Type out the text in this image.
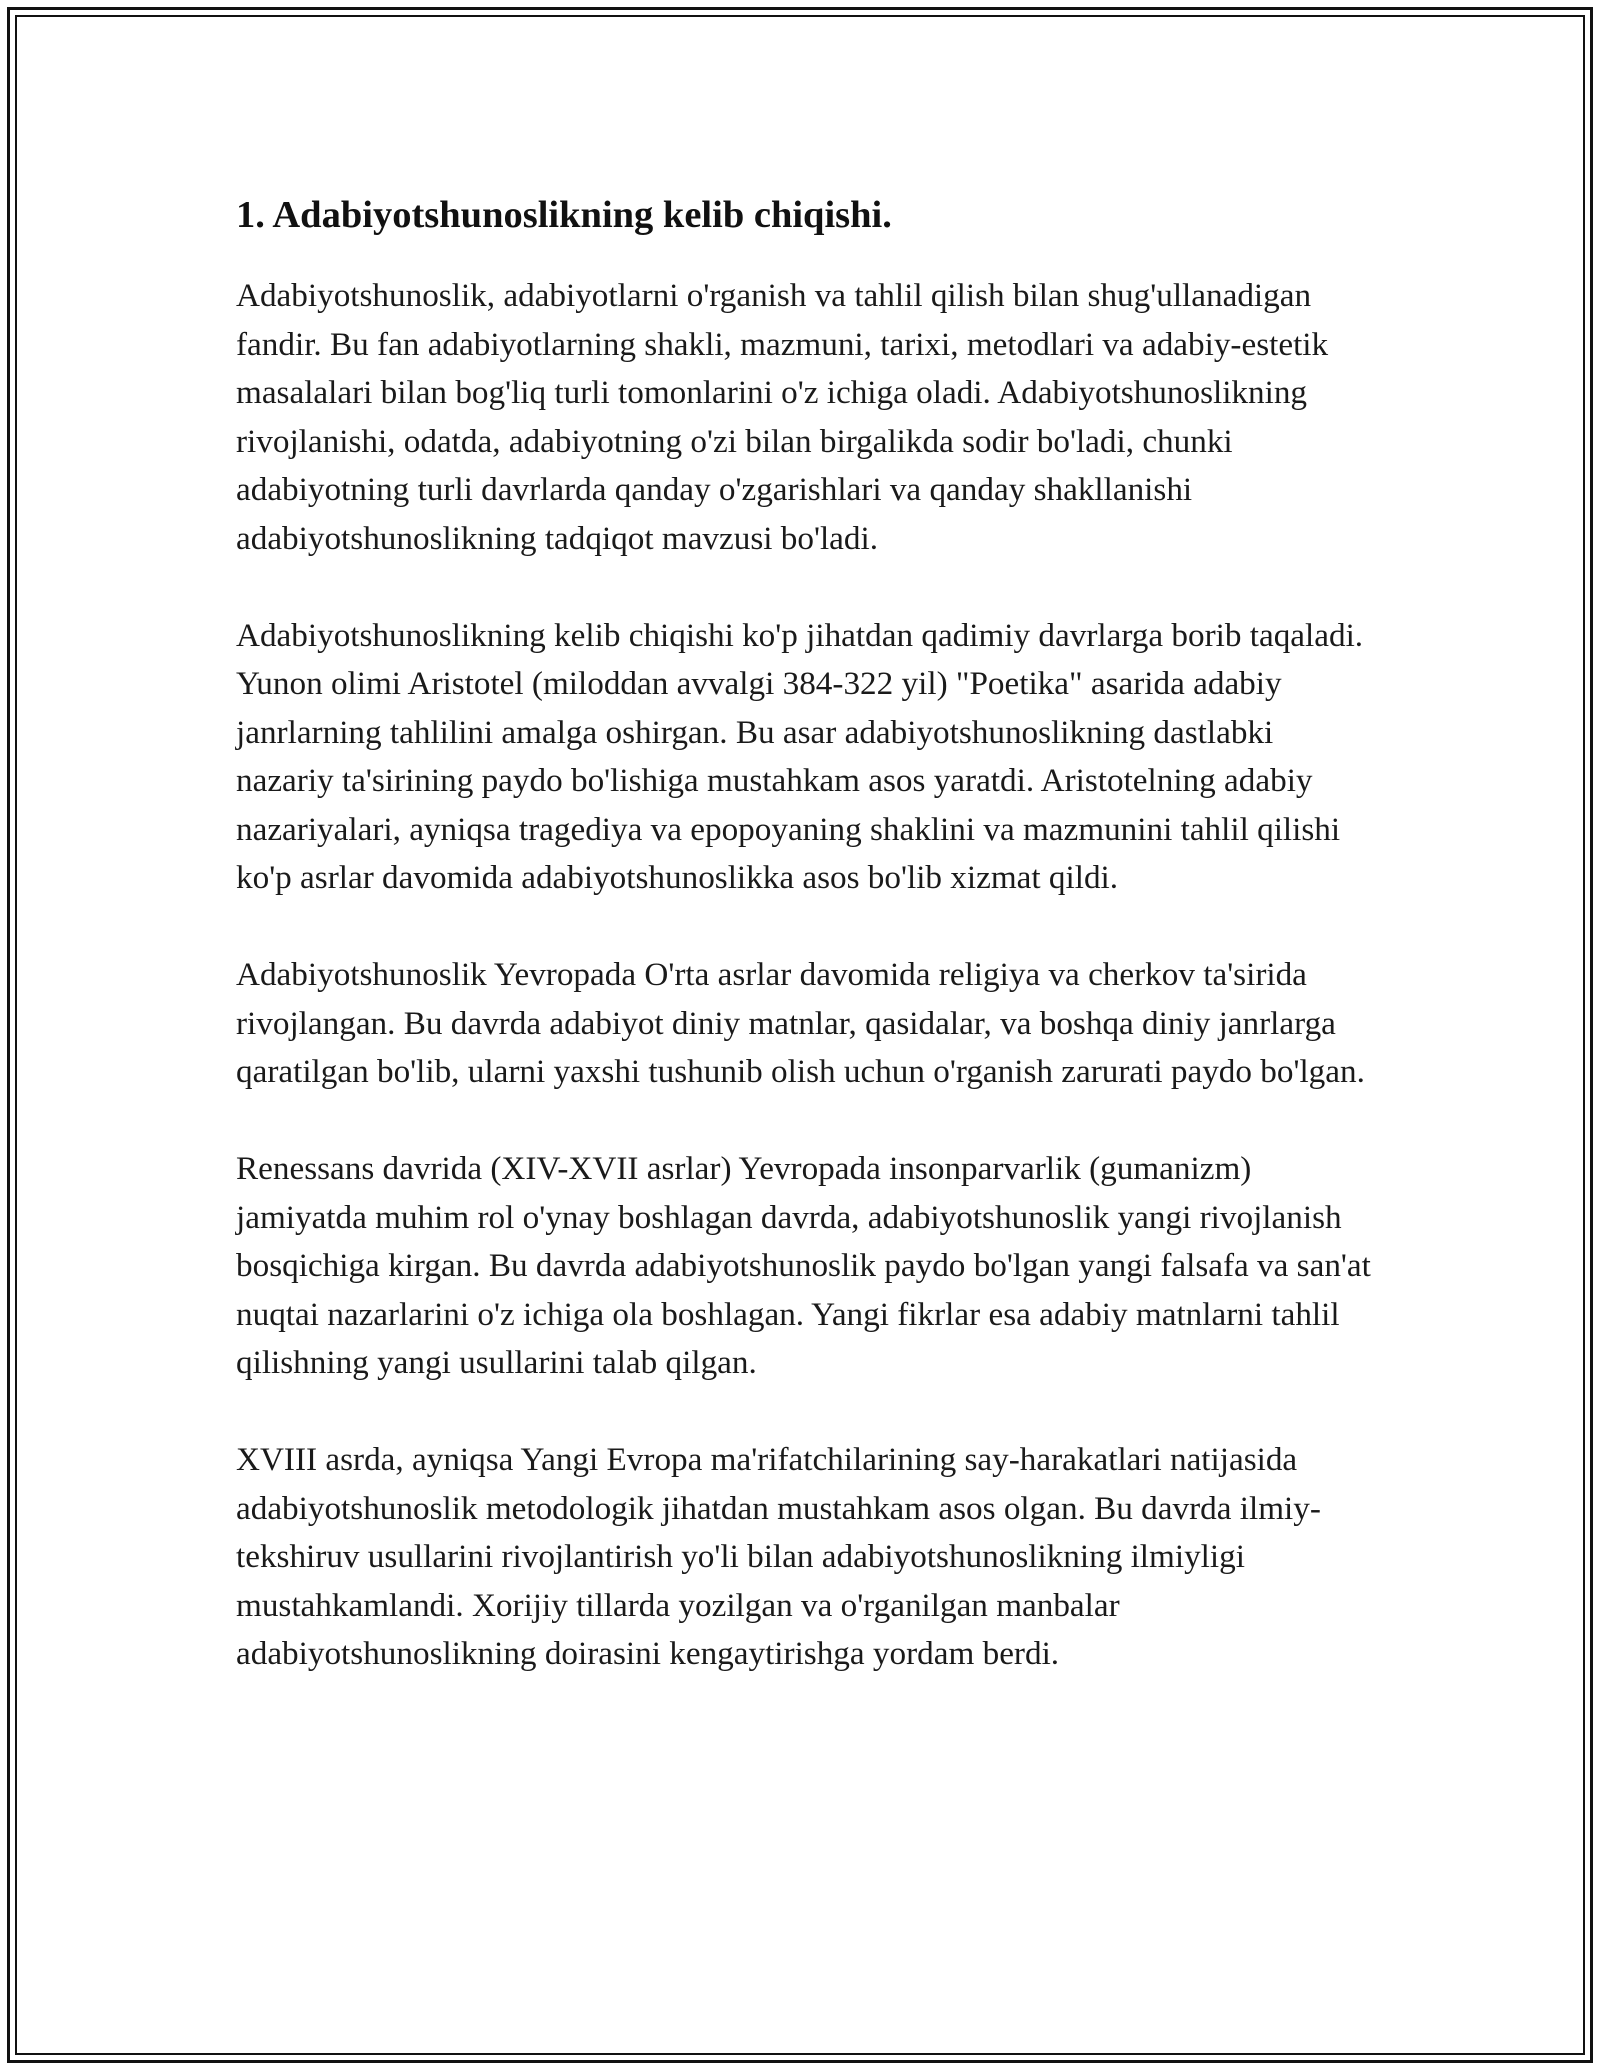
1. Adabiyotshunoslikning kelib chiqishi.

Adabiyotshunoslik, adabiyotlarni o'rganish va tahlil qilish bilan shug'ullanadigan fandir. Bu fan adabiyotlarning shakli, mazmuni, tarixi, metodlari va adabiy-estetik masalalari bilan bog'liq turli tomonlarini o'z ichiga oladi. Adabiyotshunoslikning rivojlanishi, odatda, adabiyotning o'zi bilan birgalikda sodir bo'ladi, chunki adabiyotning turli davrlarda qanday o'zgarishlari va qanday shakllanishi adabiyotshunoslikning tadqiqot mavzusi bo'ladi.

Adabiyotshunoslikning kelib chiqishi ko'p jihatdan qadimiy davrlarga borib taqaladi. Yunon olimi Aristotel (miloddan avvalgi 384-322 yil) "Poetika" asarida adabiy janrlarning tahlilini amalga oshirgan. Bu asar adabiyotshunoslikning dastlabki nazariy ta'sirining paydo bo'lishiga mustahkam asos yaratdi. Aristotelning adabiy nazariyalari, ayniqsa tragediya va epopoyaning shaklini va mazmunini tahlil qilishi ko'p asrlar davomida adabiyotshunoslikka asos bo'lib xizmat qildi.

Adabiyotshunoslik Yevropada O'rta asrlar davomida religiya va cherkov ta'sirida rivojlangan. Bu davrda adabiyot diniy matnlar, qasidalar, va boshqa diniy janrlarga qaratilgan bo'lib, ularni yaxshi tushunib olish uchun o'rganish zarurati paydo bo'lgan.

Renessans davrida (XIV-XVII asrlar) Yevropada insonparvarlik (gumanizm) jamiyatda muhim rol o'ynay boshlagan davrda, adabiyotshunoslik yangi rivojlanish bosqichiga kirgan. Bu davrda adabiyotshunoslik paydo bo'lgan yangi falsafa va san'at nuqtai nazarlarini o'z ichiga ola boshlagan. Yangi fikrlar esa adabiy matnlarni tahlil qilishning yangi usullarini talab qilgan.

XVIII asrda, ayniqsa Yangi Evropa ma'rifatchilarining say-harakatlari natijasida adabiyotshunoslik metodologik jihatdan mustahkam asos olgan. Bu davrda ilmiy-tekshiruv usullarini rivojlantirish yo'li bilan adabiyotshunoslikning ilmiyligi mustahkamlandi. Xorijiy tillarda yozilgan va o'rganilgan manbalar adabiyotshunoslikning doirasini kengaytirishga yordam berdi.
